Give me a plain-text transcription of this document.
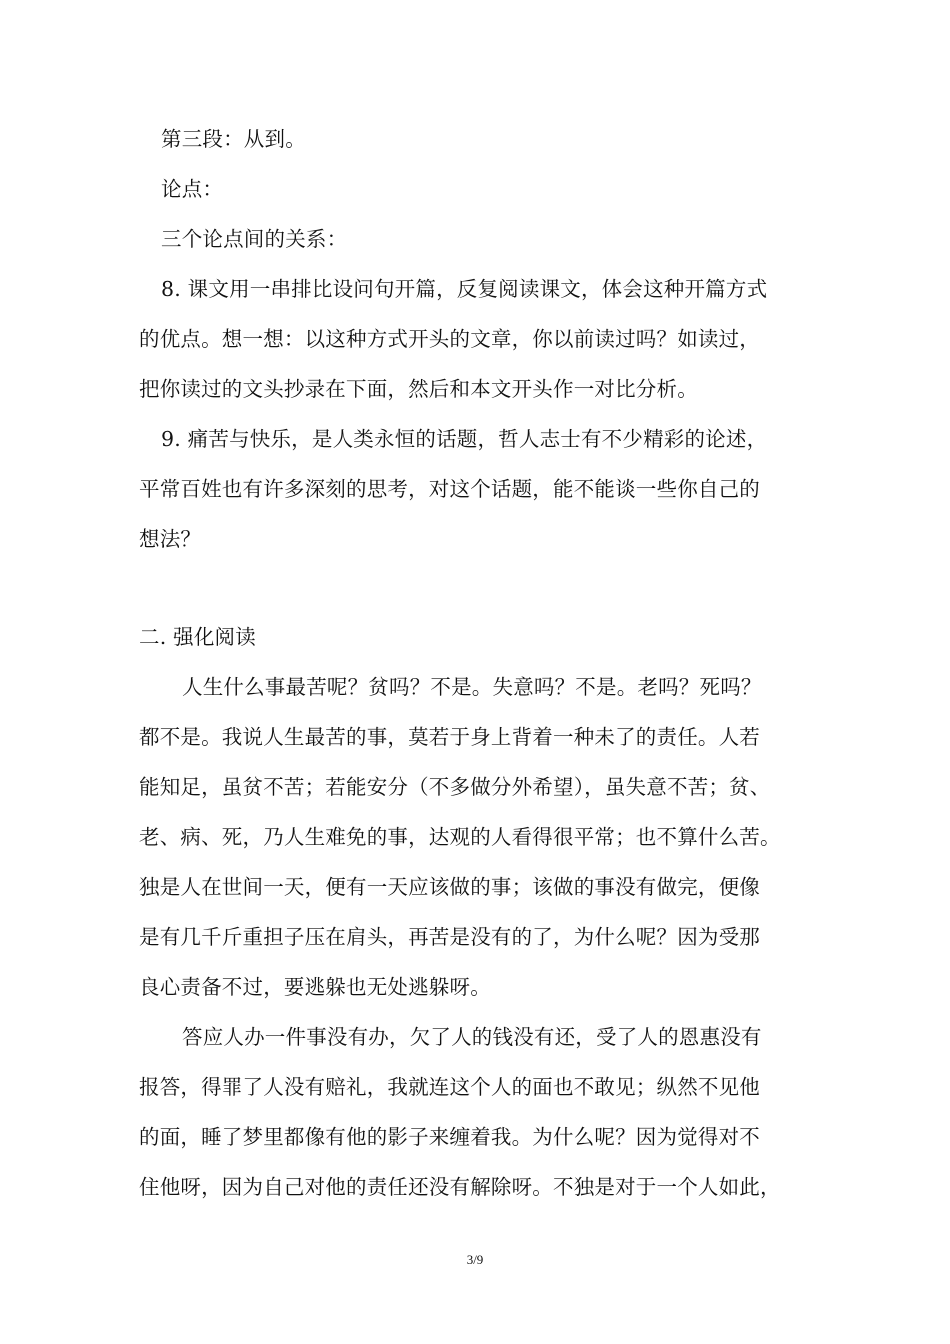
第三段：从到。
论点：
三个论点间的关系：
8. 课文用一串排比设问句开篇，反复阅读课文，体会这种开篇方式
的优点。想一想：以这种方式开头的文章，你以前读过吗？如读过，
把你读过的文头抄录在下面，然后和本文开头作一对比分析。
9. 痛苦与快乐，是人类永恒的话题，哲人志士有不少精彩的论述，
平常百姓也有许多深刻的思考，对这个话题，能不能谈一些你自己的
想法？
二. 强化阅读
人生什么事最苦呢？贫吗？不是。失意吗？不是。老吗？死吗？
都不是。我说人生最苦的事，莫若于身上背着一种未了的责任。人若
能知足，虽贫不苦；若能安分（不多做分外希望），虽失意不苦；贫、
老、病、死，乃人生难免的事，达观的人看得很平常；也不算什么苦。
独是人在世间一天，便有一天应该做的事；该做的事没有做完，便像
是有几千斤重担子压在肩头，再苦是没有的了，为什么呢？因为受那
良心责备不过，要逃躲也无处逃躲呀。
答应人办一件事没有办，欠了人的钱没有还，受了人的恩惠没有
报答，得罪了人没有赔礼，我就连这个人的面也不敢见；纵然不见他
的面，睡了梦里都像有他的影子来缠着我。为什么呢？因为觉得对不
住他呀，因为自己对他的责任还没有解除呀。不独是对于一个人如此，
3/9
